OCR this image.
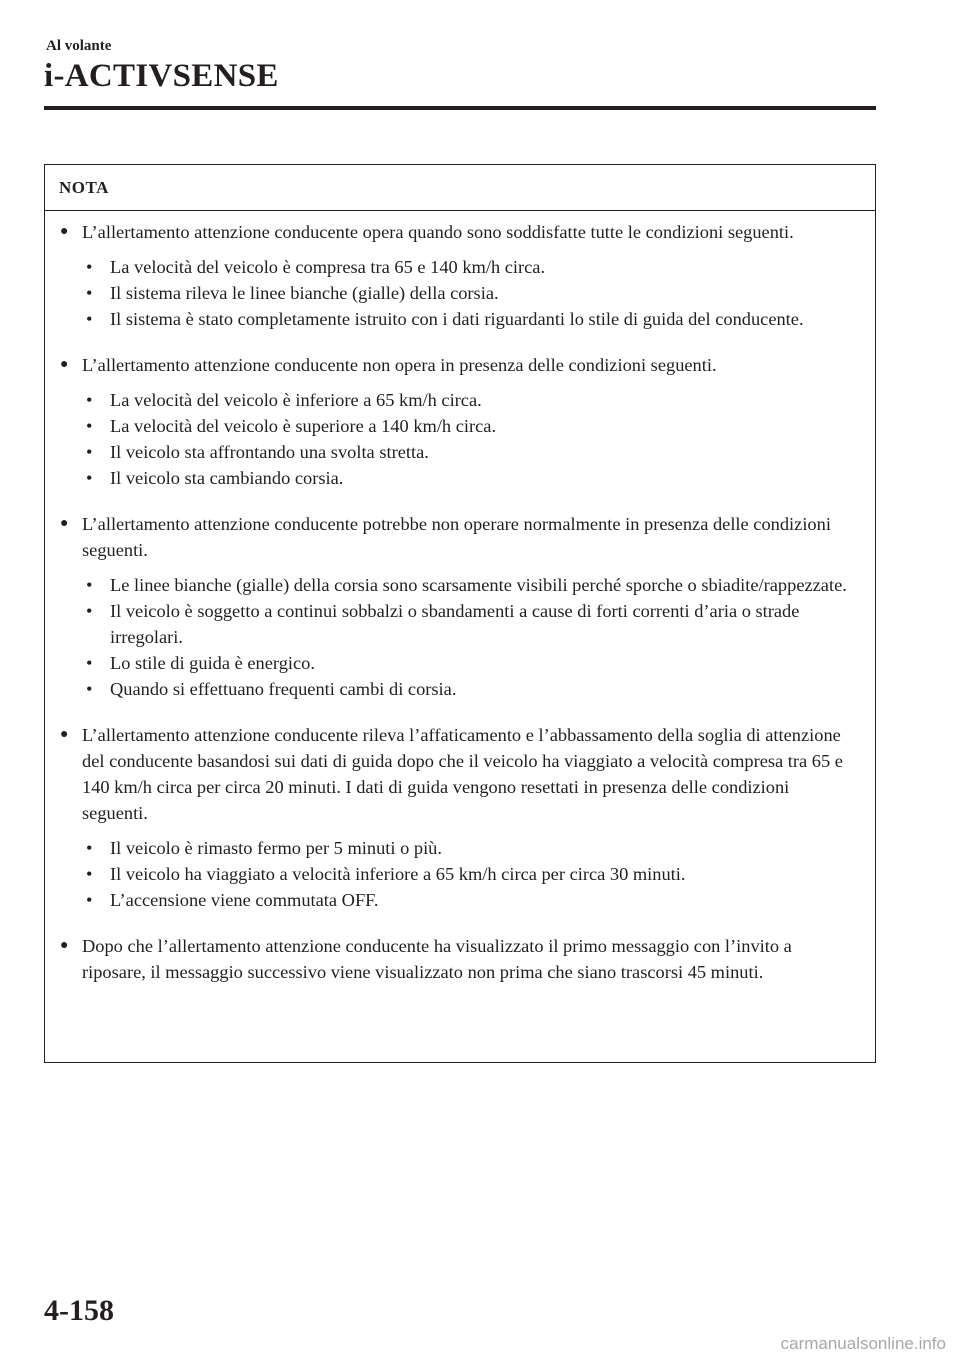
Al volante
i-ACTIVSENSE
NOTA
● L’allertamento attenzione conducente opera quando sono soddisfatte tutte le condizioni seguenti.
• La velocità del veicolo è compresa tra 65 e 140 km/h circa.
• Il sistema rileva le linee bianche (gialle) della corsia.
• Il sistema è stato completamente istruito con i dati riguardanti lo stile di guida del conducente.
● L’allertamento attenzione conducente non opera in presenza delle condizioni seguenti.
• La velocità del veicolo è inferiore a 65 km/h circa.
• La velocità del veicolo è superiore a 140 km/h circa.
• Il veicolo sta affrontando una svolta stretta.
• Il veicolo sta cambiando corsia.
● L’allertamento attenzione conducente potrebbe non operare normalmente in presenza delle condizioni seguenti.
• Le linee bianche (gialle) della corsia sono scarsamente visibili perché sporche o sbiadite/rappezzate.
• Il veicolo è soggetto a continui sobbalzi o sbandamenti a cause di forti correnti d’aria o strade irregolari.
• Lo stile di guida è energico.
• Quando si effettuano frequenti cambi di corsia.
● L’allertamento attenzione conducente rileva l’affaticamento e l’abbassamento della soglia di attenzione del conducente basandosi sui dati di guida dopo che il veicolo ha viaggiato a velocità compresa tra 65 e 140 km/h circa per circa 20 minuti. I dati di guida vengono resettati in presenza delle condizioni seguenti.
• Il veicolo è rimasto fermo per 5 minuti o più.
• Il veicolo ha viaggiato a velocità inferiore a 65 km/h circa per circa 30 minuti.
• L’accensione viene commutata OFF.
● Dopo che l’allertamento attenzione conducente ha visualizzato il primo messaggio con l’invito a riposare, il messaggio successivo viene visualizzato non prima che siano trascorsi 45 minuti.
4-158
carmanualsonline.info
